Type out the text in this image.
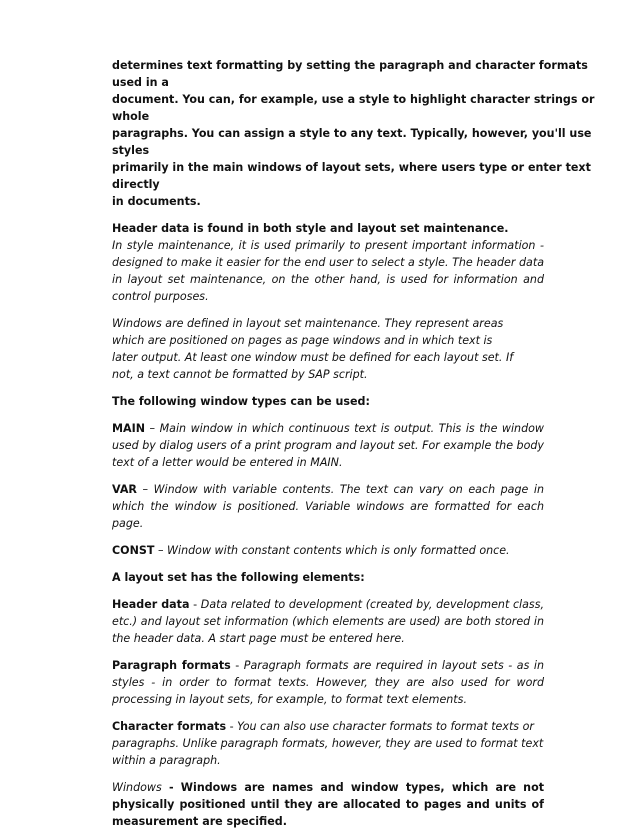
determines text formatting by setting the paragraph and character formats
used in a
document. You can, for example, use a style to highlight character strings or
whole
paragraphs. You can assign a style to any text. Typically, however, you'll use
styles
primarily in the main windows of layout sets, where users type or enter text
directly
in documents.
Header data is found in both style and layout set maintenance.
In style maintenance, it is used primarily to present important information - designed to make it easier for the end user to select a style. The header data in layout set maintenance, on the other hand, is used for information and control purposes.
Windows are defined in layout set maintenance. They represent areas
which are positioned on pages as page windows and in which text is
later output. At least one window must be defined for each layout set. If
not, a text cannot be formatted by SAP script.
The following window types can be used:
MAIN – Main window in which continuous text is output. This is the window used by dialog users of a print program and layout set. For example the body text of a letter would be entered in MAIN.
VAR – Window with variable contents. The text can vary on each page in which the window is positioned. Variable windows are formatted for each page.
CONST – Window with constant contents which is only formatted once.
A layout set has the following elements:
Header data - Data related to development (created by, development class, etc.) and layout set information (which elements are used) are both stored in the header data. A start page must be entered here.
Paragraph formats - Paragraph formats are required in layout sets - as in styles - in order to format texts. However, they are also used for word processing in layout sets, for example, to format text elements.
Character formats - You can also use character formats to format texts or paragraphs. Unlike paragraph formats, however, they are used to format text within a paragraph.
Windows - Windows are names and window types, which are not physically positioned until they are allocated to pages and units of measurement are specified.
